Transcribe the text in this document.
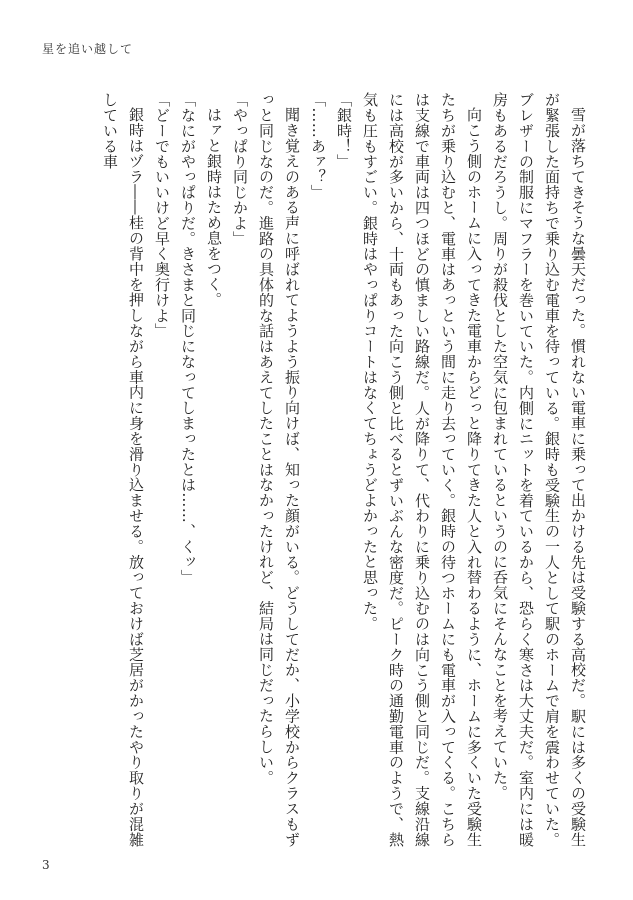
星を追い越して

雪が落ちてきそうな曇天だった。慣れない電車に乗って出かける先は受験する高校だ。駅には多くの受験生が緊張した面持ちで乗り込む電車を待っている。銀時も受験生の一人として駅のホームで肩を震わせていた。ブレザーの制服にマフラーを巻いていた。内側にニットを着ているから、恐らく寒さは大丈夫だ。室内には暖房もあるだろうし。周りが殺伐とした空気に包まれているというのに呑気にそんなことを考えていた。

向こう側のホームに入ってきた電車からどっと降りてきた人と入れ替わるように、ホームに多くいた受験生たちが乗り込むと、電車はあっという間に走り去っていく。銀時の待つホームにも電車が入ってくる。こちらは支線で車両は四つほどの慎ましい路線だ。人が降りて、代わりに乗り込むのは向こう側と同じだ。支線沿線には高校が多いから、十両もあった向こう側と比べるとずいぶんな密度だ。ピーク時の通勤電車のようで、熱気も圧もすごい。銀時はやっぱりコートはなくてちょうどよかったと思った。

「銀時！」

「……あァ？」

聞き覚えのある声に呼ばれてようよう振り向けば、知った顔がいる。どうしてだか、小学校からクラスもずっと同じなのだ。進路の具体的な話はあえてしたことはなかったけれど、結局は同じだったらしい。

「やっぱり同じかよ」

はァと銀時はため息をつく。

「なにがやっぱりだ。きさまと同じになってしまったとは……、くッ」

「どーでもいいけど早く奥行けよ」

銀時はヅラ――桂の背中を押しながら車内に身を滑り込ませる。放っておけば芝居がかったやり取りが混雑している車

3
